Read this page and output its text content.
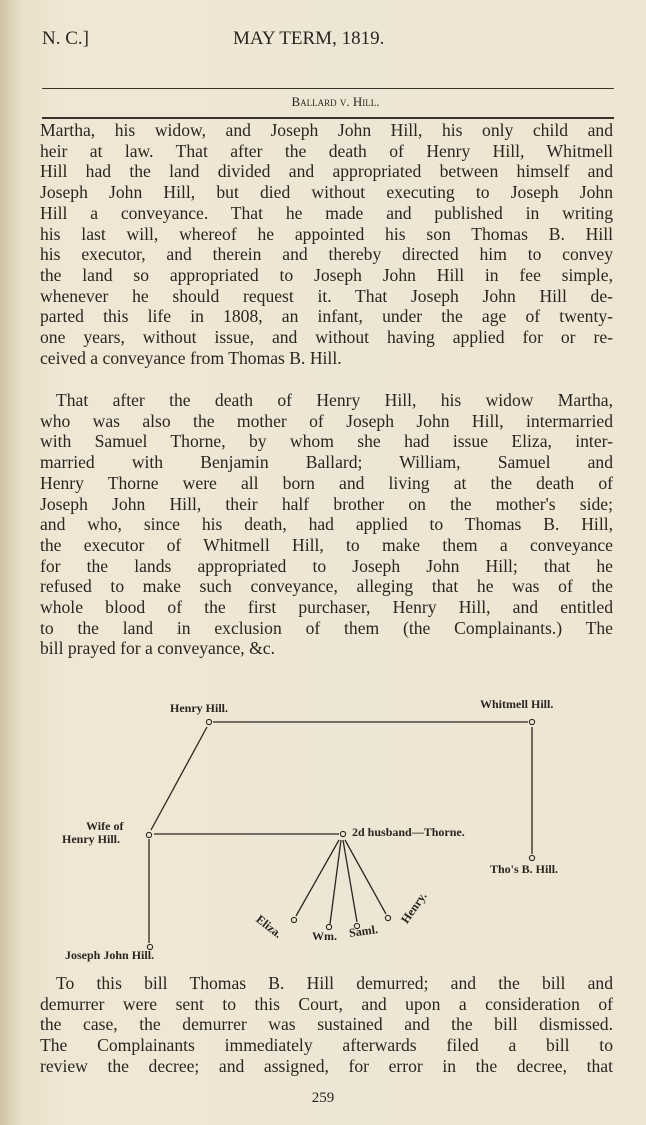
N. C.]	MAY TERM, 1819.
Ballard v. Hill.
Martha, his widow, and Joseph John Hill, his only child and
heir at law. That after the death of Henry Hill, Whitmell
Hill had the land divided and appropriated between himself and
Joseph John Hill, but died without executing to Joseph John
Hill a conveyance. That he made and published in writing
his last will, whereof he appointed his son Thomas B. Hill
his executor, and therein and thereby directed him to convey
the land so appropriated to Joseph John Hill in fee simple,
whenever he should request it. That Joseph John Hill de-
parted this life in 1808, an infant, under the age of twenty-
one years, without issue, and without having applied for or re-
ceived a conveyance from Thomas B. Hill.
That after the death of Henry Hill, his widow Martha,
who was also the mother of Joseph John Hill, intermarried
with Samuel Thorne, by whom she had issue Eliza, inter-
married with Benjamin Ballard; William, Samuel and
Henry Thorne were all born and living at the death of
Joseph John Hill, their half brother on the mother's side;
and who, since his death, had applied to Thomas B. Hill,
the executor of Whitmell Hill, to make them a conveyance
for the lands appropriated to Joseph John Hill; that he
refused to make such conveyance, alleging that he was of the
whole blood of the first purchaser, Henry Hill, and entitled
to the land in exclusion of them (the Complainants.) The
bill prayed for a conveyance, &c.
To this bill Thomas B. Hill demurred; and the bill and
demurrer were sent to this Court, and upon a consideration of
the case, the demurrer was sustained and the bill dismissed.
The Complainants immediately afterwards filed a bill to
review the decree; and assigned, for error in the decree, that
Henry Hill.	Whitmell Hill.
Wife of
Henry Hill.	2d husband—Thorne.
Tho's B. Hill.
Joseph John Hill.
Eliza. Wm. Saml.
Henry.
259
